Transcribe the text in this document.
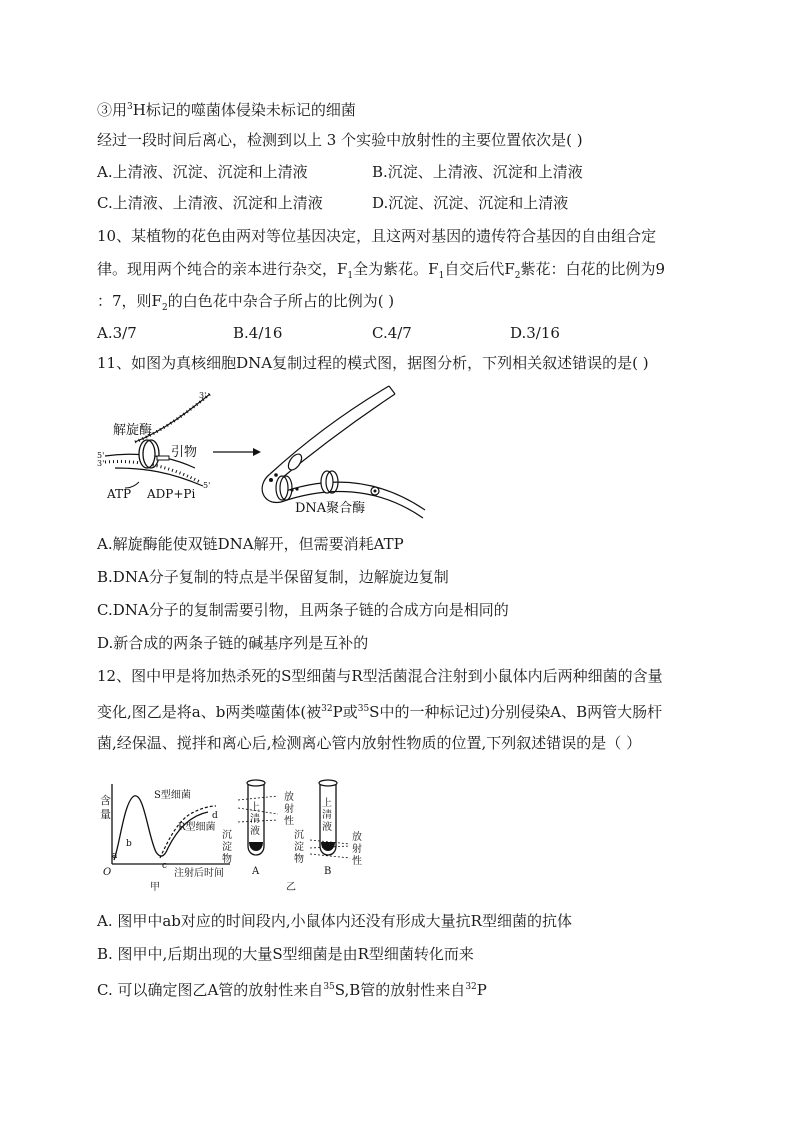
③用$^3$H标记的噬菌体侵染未标记的细菌
经过一段时间后离心，检测到以上 3 个实验中放射性的主要位置依次是( )
A.上清液、沉淀、沉淀和上清液	B.沉淀、上清液、沉淀和上清液
C.上清液、上清液、沉淀和上清液	D.沉淀、沉淀、沉淀和上清液
10、某植物的花色由两对等位基因决定，且这两对基因的遗传符合基因的自由组合定
律。现用两个纯合的亲本进行杂交，$F_1$全为紫花。$F_1$自交后代$F_2$紫花：白花的比例为9
：7，则$F_2$的白色花中杂合子所占的比例为( )
A.3/7	B.4/16	C.4/7	D.3/16
11、如图为真核细胞DNA复制过程的模式图，据图分析，下列相关叙述错误的是( )
解旋酶
引物
ATP ADP+Pi
3'
5'
3'
5'
DNA聚合酶
A.解旋酶能使双链DNA解开，但需要消耗ATP
B.DNA分子复制的特点是半保留复制，边解旋边复制
C.DNA分子的复制需要引物，且两条子链的合成方向是相同的
D.新合成的两条子链的碱基序列是互补的
12、图中甲是将加热杀死的S型细菌与R型活菌混合注射到小鼠体内后两种细菌的含量
变化,图乙是将a、b两类噬菌体(被$^{32}$P或$^{35}$S中的一种标记过)分别侵染A、B两管大肠杆
菌,经保温、搅拌和离心后,检测离心管内放射性物质的位置,下列叙述错误的是（ ）
含
量
O
a
b
c
d
S型细菌
R型细菌
注射后时间
甲
上
清
液
放
射
性
沉
淀
物
A
上
清
液
沉
淀
物
放
射
性
B
乙
A. 图甲中ab对应的时间段内,小鼠体内还没有形成大量抗R型细菌的抗体
B. 图甲中,后期出现的大量S型细菌是由R型细菌转化而来
C. 可以确定图乙A管的放射性来自$^{35}$S,B管的放射性来自$^{32}$P
